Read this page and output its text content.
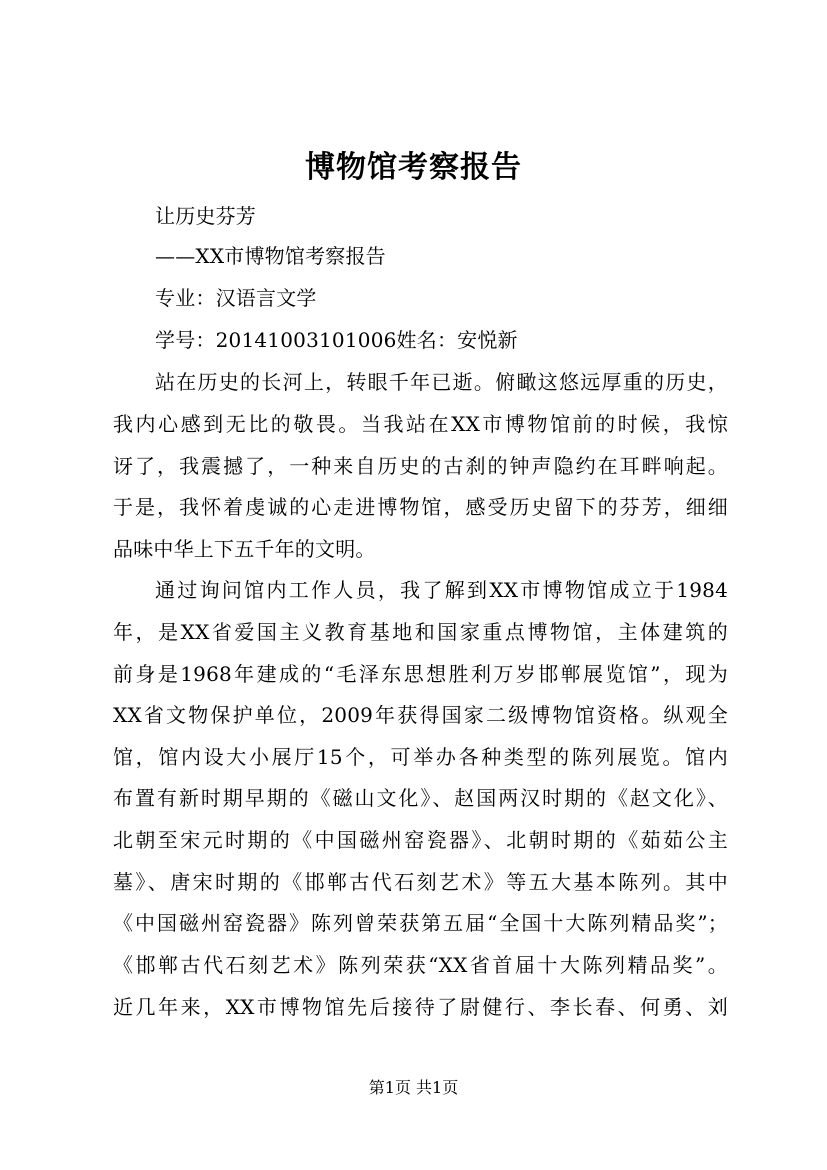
博物馆考察报告
让历史芬芳
——XX市博物馆考察报告
专业：汉语言文学
学号：20141003101006姓名：安悦新
站在历史的长河上，转眼千年已逝。俯瞰这悠远厚重的历史，
我内心感到无比的敬畏。当我站在XX市博物馆前的时候，我惊
讶了，我震撼了，一种来自历史的古刹的钟声隐约在耳畔响起。
于是，我怀着虔诚的心走进博物馆，感受历史留下的芬芳，细细
品味中华上下五千年的文明。
通过询问馆内工作人员，我了解到XX市博物馆成立于1984
年，是XX省爱国主义教育基地和国家重点博物馆，主体建筑的
前身是1968年建成的“毛泽东思想胜利万岁邯郸展览馆”，现为
XX省文物保护单位，2009年获得国家二级博物馆资格。纵观全
馆，馆内设大小展厅15个，可举办各种类型的陈列展览。馆内
布置有新时期早期的《磁山文化》、赵国两汉时期的《赵文化》、
北朝至宋元时期的《中国磁州窑瓷器》、北朝时期的《茹茹公主
墓》、唐宋时期的《邯郸古代石刻艺术》等五大基本陈列。其中
《中国磁州窑瓷器》陈列曾荣获第五届“全国十大陈列精品奖”；
《邯郸古代石刻艺术》陈列荣获“XX省首届十大陈列精品奖”。
近几年来，XX市博物馆先后接待了尉健行、李长春、何勇、刘
第1页 共1页
